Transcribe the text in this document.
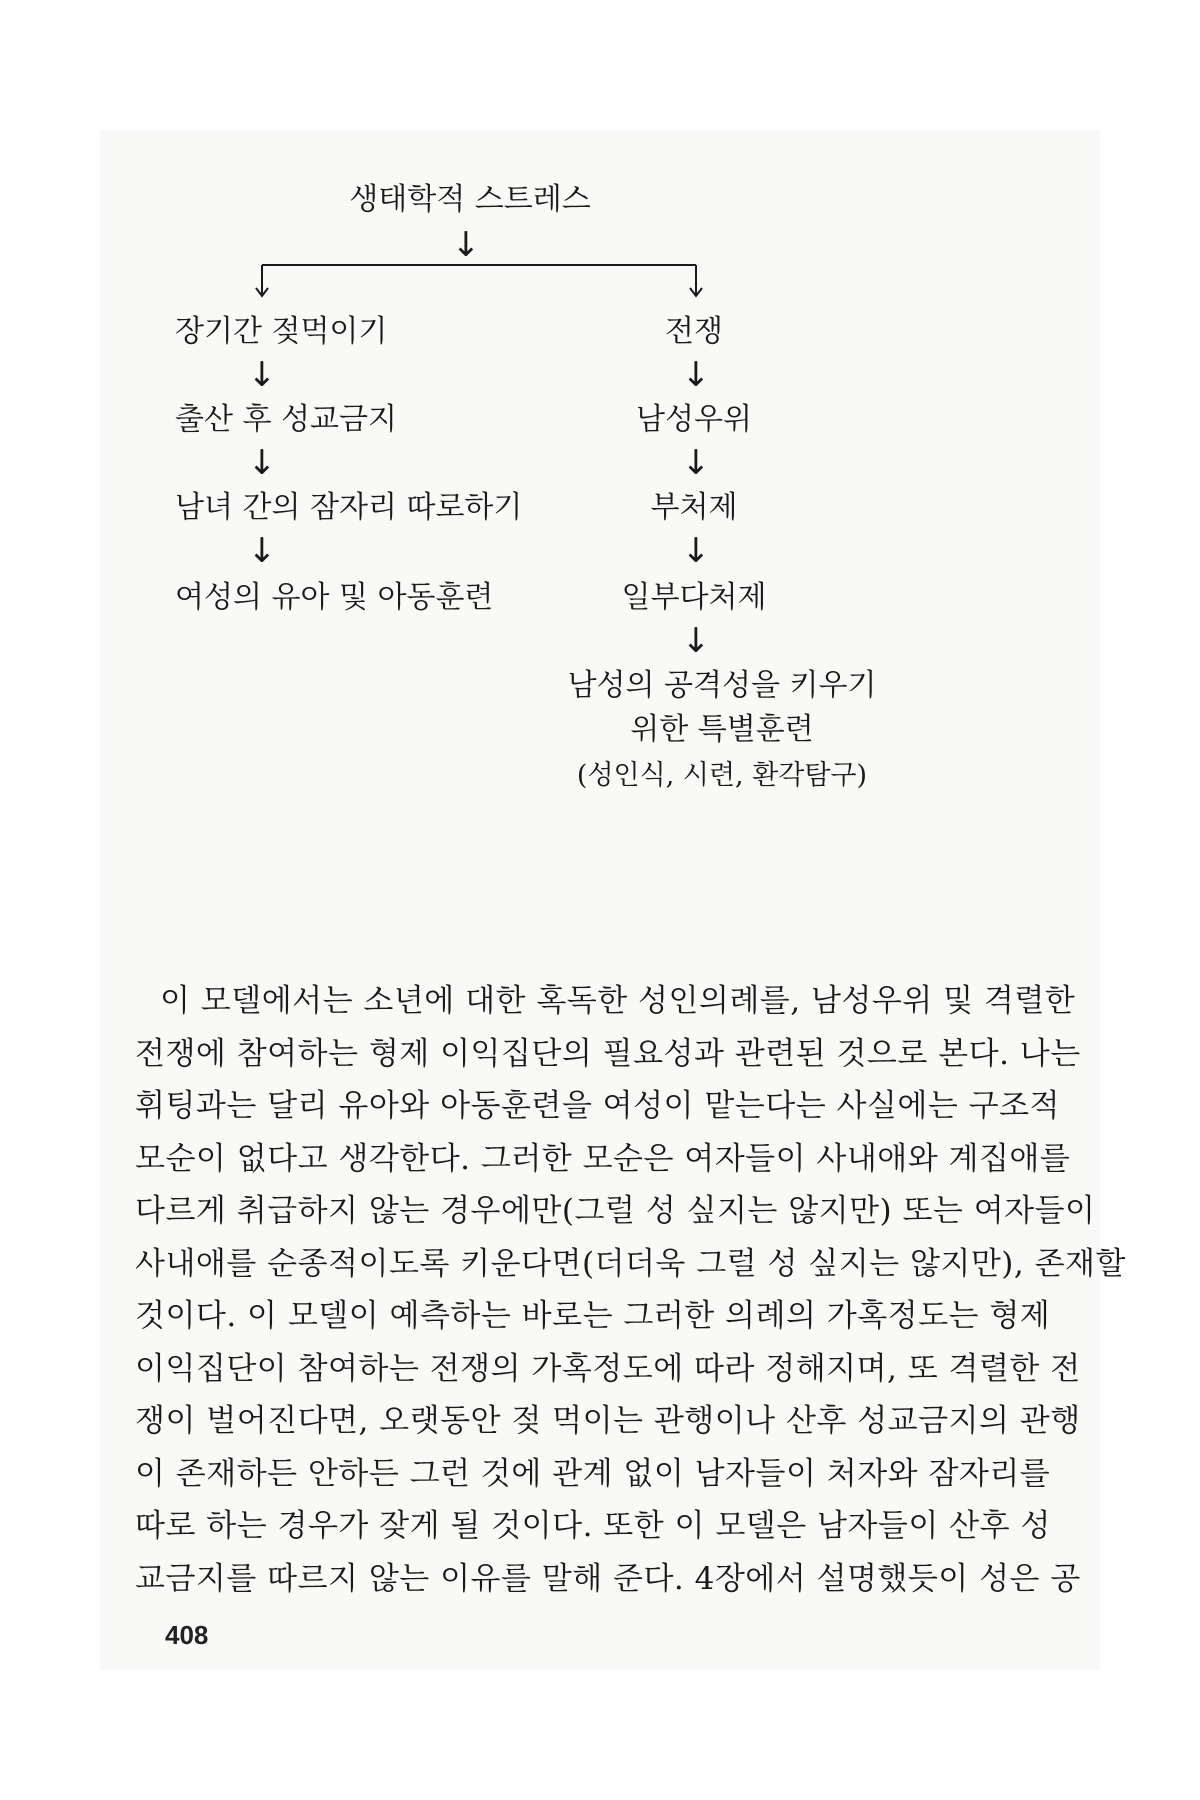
생태학적 스트레스
↓
장기간 젖먹이기
↓
출산 후 성교금지
↓
남녀 간의 잠자리 따로하기
↓
여성의 유아 및 아동훈련
전쟁
↓
남성우위
↓
부처제
↓
일부다처제
↓
남성의 공격성을 키우기
위한 특별훈련
(성인식, 시련, 환각탐구)
이 모델에서는 소년에 대한 혹독한 성인의례를, 남성우위 및 격렬한
전쟁에 참여하는 형제 이익집단의 필요성과 관련된 것으로 본다. 나는
휘팅과는 달리 유아와 아동훈련을 여성이 맡는다는 사실에는 구조적
모순이 없다고 생각한다. 그러한 모순은 여자들이 사내애와 계집애를
다르게 취급하지 않는 경우에만(그럴 성 싶지는 않지만) 또는 여자들이
사내애를 순종적이도록 키운다면(더더욱 그럴 성 싶지는 않지만), 존재할
것이다. 이 모델이 예측하는 바로는 그러한 의례의 가혹정도는 형제
이익집단이 참여하는 전쟁의 가혹정도에 따라 정해지며, 또 격렬한 전
쟁이 벌어진다면, 오랫동안 젖 먹이는 관행이나 산후 성교금지의 관행
이 존재하든 안하든 그런 것에 관계 없이 남자들이 처자와 잠자리를
따로 하는 경우가 잦게 될 것이다. 또한 이 모델은 남자들이 산후 성
교금지를 따르지 않는 이유를 말해 준다. 4장에서 설명했듯이 성은 공
408
